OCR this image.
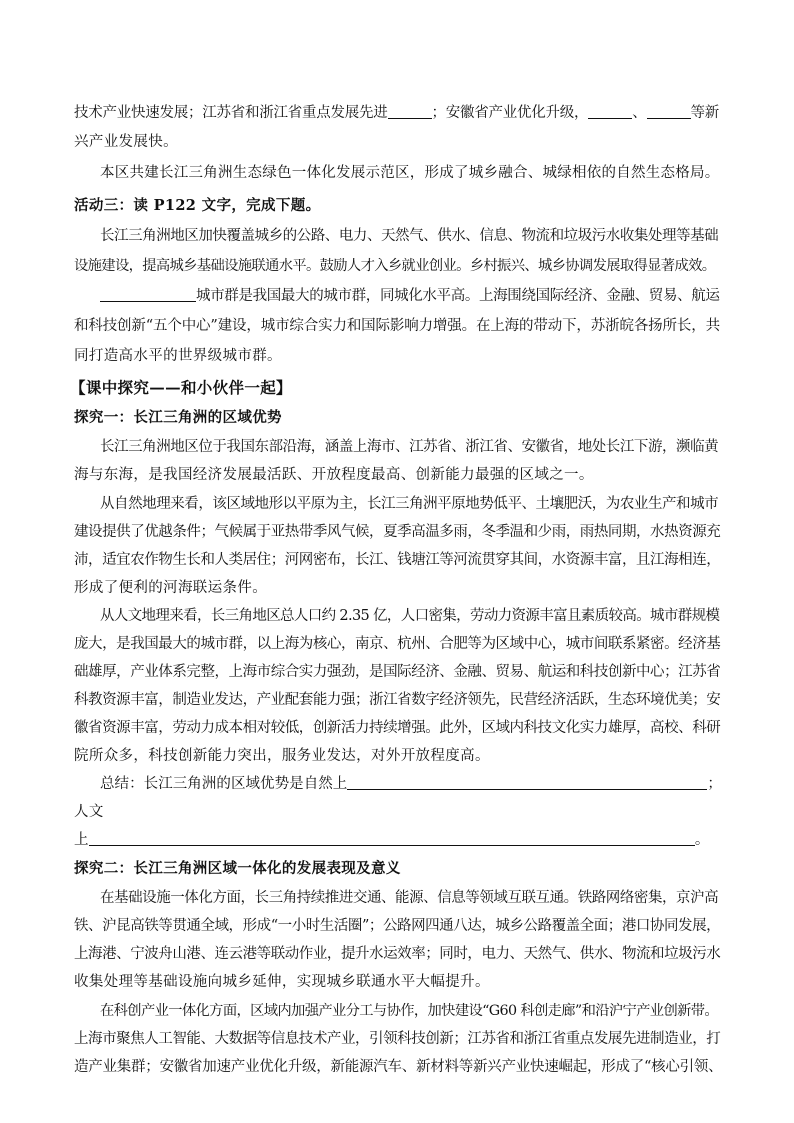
技术产业快速发展；江苏省和浙江省重点发展先进	；安徽省产业优化升级，	、	等新
兴产业发展快。
本区共建长江三角洲生态绿色一体化发展示范区，形成了城乡融合、城绿相依的自然生态格局。
活动三：读 P122 文字，完成下题。
长江三角洲地区加快覆盖城乡的公路、电力、天然气、供水、信息、物流和垃圾污水收集处理等基础
设施建设，提高城乡基础设施联通水平。鼓励人才入乡就业创业。乡村振兴、城乡协调发展取得显著成效。
城市群是我国最大的城市群，同城化水平高。上海围绕国际经济、金融、贸易、航运
和科技创新“五个中心”建设，城市综合实力和国际影响力增强。在上海的带动下，苏浙皖各扬所长，共
同打造高水平的世界级城市群。
【课中探究——和小伙伴一起】
探究一：长江三角洲的区域优势
长江三角洲地区位于我国东部沿海，涵盖上海市、江苏省、浙江省、安徽省，地处长江下游，濒临黄
海与东海，是我国经济发展最活跃、开放程度最高、创新能力最强的区域之一。
从自然地理来看，该区域地形以平原为主，长江三角洲平原地势低平、土壤肥沃，为农业生产和城市
建设提供了优越条件；气候属于亚热带季风气候，夏季高温多雨，冬季温和少雨，雨热同期，水热资源充
沛，适宜农作物生长和人类居住；河网密布，长江、钱塘江等河流贯穿其间，水资源丰富，且江海相连，
形成了便利的河海联运条件。
从人文地理来看，长三角地区总人口约 2.35 亿，人口密集，劳动力资源丰富且素质较高。城市群规模
庞大，是我国最大的城市群，以上海为核心，南京、杭州、合肥等为区域中心，城市间联系紧密。经济基
础雄厚，产业体系完整，上海市综合实力强劲，是国际经济、金融、贸易、航运和科技创新中心；江苏省
科教资源丰富，制造业发达，产业配套能力强；浙江省数字经济领先，民营经济活跃，生态环境优美；安
徽省资源丰富，劳动力成本相对较低，创新活力持续增强。此外，区域内科技文化实力雄厚，高校、科研
院所众多，科技创新能力突出，服务业发达，对外开放程度高。
总结：长江三角洲的区域优势是自然上	；
人文
上	。
探究二：长江三角洲区域一体化的发展表现及意义
在基础设施一体化方面，长三角持续推进交通、能源、信息等领域互联互通。铁路网络密集，京沪高
铁、沪昆高铁等贯通全域，形成“一小时生活圈”；公路网四通八达，城乡公路覆盖全面；港口协同发展，
上海港、宁波舟山港、连云港等联动作业，提升水运效率；同时，电力、天然气、供水、物流和垃圾污水
收集处理等基础设施向城乡延伸，实现城乡联通水平大幅提升。
在科创产业一体化方面，区域内加强产业分工与协作，加快建设“G60 科创走廊”和沿沪宁产业创新带。
上海市聚焦人工智能、大数据等信息技术产业，引领科技创新；江苏省和浙江省重点发展先进制造业，打
造产业集群；安徽省加速产业优化升级，新能源汽车、新材料等新兴产业快速崛起，形成了“核心引领、
